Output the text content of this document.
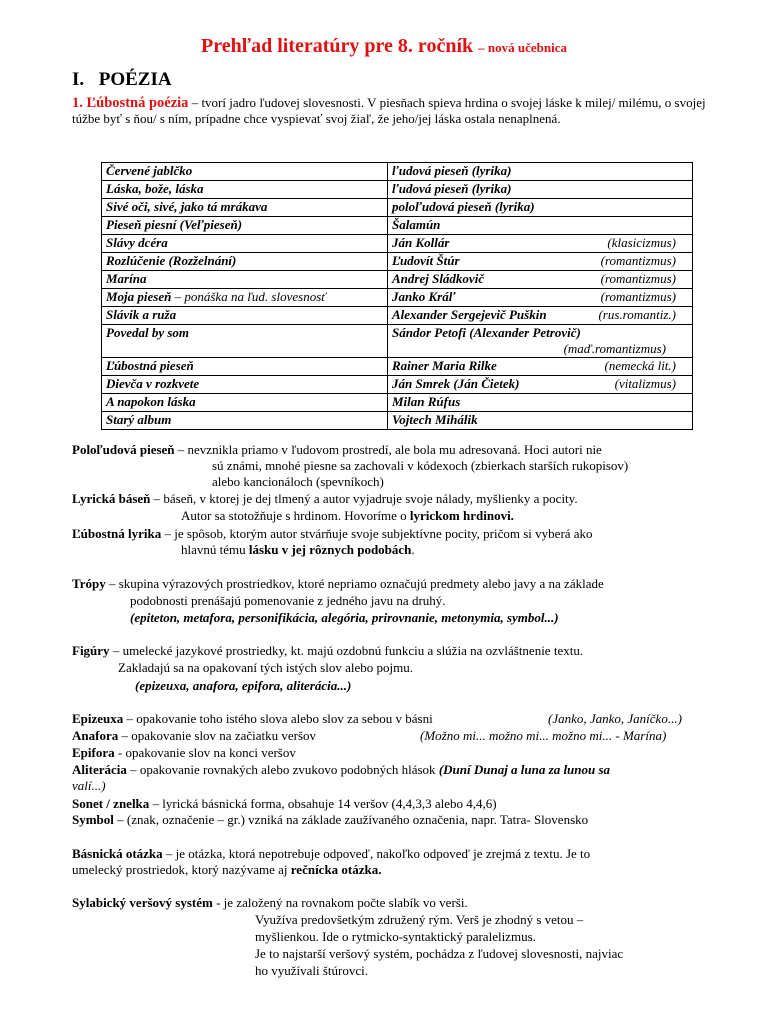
Prehľad literatúry pre 8. ročník – nová učebnica
I. POÉZIA
1. Ľúbostná poézia – tvorí jadro ľudovej slovesnosti. V piesňach spieva hrdina o svojej láske k milej/ milému, o svojej túžbe byť s ňou/ s ním, prípadne chce vyspievať svoj žiaľ, že jeho/jej láska ostala nenaplnená.
Červené jablčko	ľudová pieseň (lyrika)
Láska, bože, láska	ľudová pieseň (lyrika)
Sivé oči, sivé, jako tá mrákava	poloľudová pieseň (lyrika)
Pieseň piesní (Veľpieseň)	Šalamún
Slávy dcéra	Ján Kollár (klasicizmus)

Rozlúčenie (Rozželnání)	Ľudovít Štúr (romantizmus)

Marína	Andrej Sládkovič (romantizmus)

Moja pieseň – ponáška na ľud. slovesnosť	Janko Kráľ (romantizmus)

Slávik a ruža	Alexander Sergejevič Puškin (rus.romantiz.)

Povedal by som	Sándor Petofi (Alexander Petrovič)
(maď.romantizmus)

Ľúbostná pieseň	Rainer Maria Rilke (nemecká lit.)

Dievča v rozkvete	Ján Smrek (Ján Čietek) (vitalizmus)

A napokon láska	Milan Rúfus
Starý album	Vojtech Mihálik
Poloľudová pieseň – nevznikla priamo v ľudovom prostredí, ale bola mu adresovaná. Hoci autori nie
sú známi, mnohé piesne sa zachovali v kódexoch (zbierkach starších rukopisov)
alebo kancionáloch (spevníkoch)
Lyrická báseň – báseň, v ktorej je dej tlmený a autor vyjadruje svoje nálady, myšlienky a pocity.
Autor sa stotožňuje s hrdinom. Hovoríme o lyrickom hrdinovi.
Ľúbostná lyrika – je spôsob, ktorým autor stvárňuje svoje subjektívne pocity, pričom si vyberá ako
hlavnú tému lásku v jej rôznych podobách.
Trópy – skupina výrazových prostriedkov, ktoré nepriamo označujú predmety alebo javy a na základe
podobnosti prenášajú pomenovanie z jedného javu na druhý.
(epiteton, metafora, personifikácia, alegória, prirovnanie, metonymia, symbol...)
Figúry – umelecké jazykové prostriedky, kt. majú ozdobnú funkciu a slúžia na ozvláštnenie textu.
Zakladajú sa na opakovaní tých istých slov alebo pojmu.
(epizeuxa, anafora, epifora, aliterácia...)
Epizeuxa – opakovanie toho istého slova alebo slov za sebou v básni	(Janko, Janko, Janíčko...)
Anafora – opakovanie slov na začiatku veršov	(Možno mi... možno mi... možno mi... - Marína)
Epifora - opakovanie slov na konci veršov
Aliterácia – opakovanie rovnakých alebo zvukovo podobných hlások (Duní Dunaj a luna za lunou sa
valí...)
Sonet / znelka – lyrická básnická forma, obsahuje 14 veršov (4,4,3,3 alebo 4,4,6)
Symbol – (znak, označenie – gr.) vzniká na základe zaužívaného označenia, napr. Tatra- Slovensko
Básnická otázka – je otázka, ktorá nepotrebuje odpoveď, nakoľko odpoveď je zrejmá z textu. Je to
umelecký prostriedok, ktorý nazývame aj rečnícka otázka.
Sylabický veršový systém - je založený na rovnakom počte slabík vo verši.
Využíva predovšetkým združený rým. Verš je zhodný s vetou –
myšlienkou. Ide o rytmicko-syntaktický paralelizmus.
Je to najstarší veršový systém, pochádza z ľudovej slovesnosti, najviac
ho využívali štúrovci.
